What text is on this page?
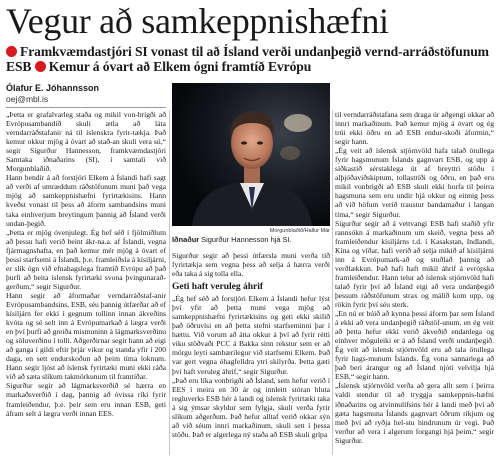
Vegur að samkeppnishæfni
Framkvæmdastjóri SI vonast til að Ísland verði undanþegið vernd-arráðstöfunum ESB Kemur á óvart að Elkem ógni framtíð Evrópu
Ólafur E. Jóhannsson
oej@mbl.is

„Þetta er grafalvarleg staða og mikil von-brigði að Evrópusambandið skuli ætla að láta verndarráðstafanir ná til íslenskra fyrir-tækja. Það kemur okkur mjög á óvart að stað-an skuli vera sú,“ segir Sigurður Hannesson, framkvæmdastjóri Samtaka iðnaðarins (SI), í samtali við Morgunblaðið.

Hann bendir á að forstjóri Elkem á Íslandi hafi sagt að verði af umræddum ráðstöfunum muni það vega mjög að samkeppnishæfni fyrirtækisins. Hann kveðst vonast til þess að áform sambandsins muni taka einhverjum breytingum þannig að Ísland verði undan-þegið.

„Þetta er mjög óvenjulegt. Ég hef séð í fjölmiðlum að þessu hafi verið beint ákr-na.a. af Íslandi, vegna fjármagnshafta, en það kemur mér mjög á óvart ef þessi starfsemi á Íslandi, þ.e. framleiðsla á kísiljárni, er slík ógn við efnahagslega framtíð Evrópu að það þurfi að beita íslensk fyrirtæki svona þvingunarað-gerðum,“ segir Sigurður.

Hann segir að áformaðar verndarráðstaf-anir Evrópusambandsins, ESB, séu þannig útfærðar að ef kísiljárn fer ekki í gegnum tollinn innan ákveðins kvóta og sé selt inn á Evrópumarkað á lægra verði en því þurfi að greiða mismuninn á lágmarksverðinu og söluverðinu í tolli. Aðgerðirnar segir hann að eigi að ganga í gildi eftir þrjár vikur og standa yfir í 200 daga, en sett endurskoðun að þeim tíma loknum. Hann segir ljóst að íslensk fyrirtæki muni ekki ráða við að sæta slíkum takmörkunum til framtíðar.

Sigurður segir að lágmarksverðið sé hærra en markaðsverðið í dag, þannig að óvissa ríki fyrir framleiðendur, þ.e. þeir sem eru innan ESB, geti áfram selt á lægra verði innan EES.

Morgunblaðið/Hallur Már
Iðnaður Sigurður Hannesson hjá SI.

Sigurður segir að þessi útfærsla muni verða tíð fyrirtækja sem vegna þess að selja á hærra verði eða taka á sig tolla ella.

Geti haft veruleg áhrif

„Ég hef séð að forstjóri Elkem á Íslandi hefur lýst því yfir að þetta muni vega mjög að samkeppnishæfni fyrirtækisins og geti ekki skilið það öðruvísi en að þetta stefni starfseminni þar í hættu. Við vorum að átta okkur á því að fyrir rétti viku stöðvaði PCC á Bakka sinn rekstur sem er að mörgu leyti sambærilegur við starfsemi Elkem. Það var gert vegna óhagfelldra ytri skilyrða. Þetta gæti því haft veruleg áhrif,“ segir Sigurður.

„Það eru líka vonbrigði að Ísland, sem hefur verið í EES í meira en 30 ár og innleitt stóran hluta regluverks ESB hér á landi og íslensk fyrirtæki taka á sig ýmsar skyldur sem fylgja, skuli verða fyrir slíkum aðgerðum. Það hefur alltaf verið okkar sýn að við séum innri markaðinum, skuli sett í þessa stöðu. Það er algerlega ný staða að ESB skuli grípa

til verndarráðstafana sem draga úr aðgengi okkar að innri markaðinum. Það kemur mjög á óvart og ég trúi ekki öðru en að ESB endur-skoði áformin,“ segir hann.

„Ég veit að íslensk stjórnvöld hafa talað ötullega fyrir hagsmunum Íslands gagnvart ESB, og upp á síðkastið sérstaklega út af breyttri stöðu í alþjóðaviðskiptum, tollastríði og öðru, en það eru mikil vonbrigði að ESB skuli ekki horfa til þeirra hagsmuna sem eru undir hjá okkur og einnig þess að við höfum verið traustur bandamaður í langan tíma,“ segir Sigurður.

Sigurður segir að á vettvangi ESB hafi staðið yfir rannsókn á markaðinum um skeið, vegna þess að framleiðendur kísiljárns t.d. í Kasakstan, Indlandi, Kína og víðar, hafi verið að selja mikið af kísiljárni inn á Evrópumark-að og stuðlað þannig að verðlækkun. Það hafi haft mikil áhrif á evrópska framleiðendur. Hann telur að íslensk stjórnvöld hafi talað fyrir því að Ísland eigi að vera undanþegið þessum ráðstöfunum strax og málið kom upp, og rökin fyrir því séu sterk.

„En nú er búið að kynna þessi áform þar sem Ísland á ekki að vera undanþegið ráðstöf-unum, en ég veit að þetta hefur ekki verið ákveðið endanlega og einhver möguleiki er á að Ísland verði undanþegið. Ég veit að íslensk stjórnvöld eru að tala ötullega fyrir hags-munum Íslands. Ég vona sannarlega að það beri árangur og að Ísland njóti velvilja hjá ESB,“ segir hann.

„Íslensk stjórnvöld verða að gera allt sem í þeirra valdi stendur til að tryggja samkeppnis-hæfni iðnaðarins og atvinnulífsins hér á landi með því að gæta hagsmuna Íslands gagnvart öðrum ríkjum og með því að ryðja hel-stu hindrunum úr vegi. Það verður að vera í algerum forgangi hjá þeim,“ segir Sigurður.
